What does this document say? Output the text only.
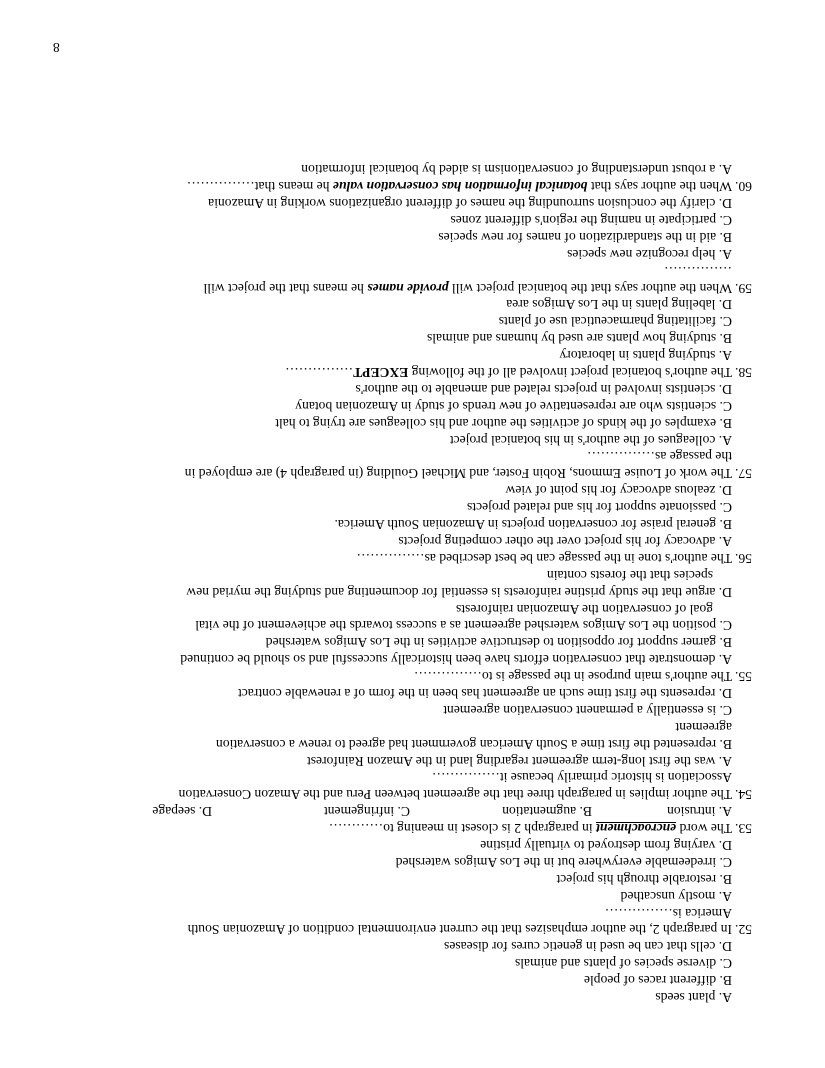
A. plant seeds
B. different races of people
C. diverse species of plants and animals
D. cells that can be used in genetic cures for diseases
52.In paragraph 2, the author emphasizes that the current environmental condition of Amazonian South
America is……………
A. mostly unscathed
B. restorable through his project
C. irredeemable everywhere but in the Los Amigos watershed
D. varying from destroyed to virtually pristine
53.The word encroachment in paragraph 2 is closest in meaning to…………
A. intrusion
B. augmentation
C. infringement
D. seepage
54.The author implies in paragraph three that the agreement between Peru and the Amazon Conservation
Association is historic primarily because it……………
A. was the first long-term agreement regarding land in the Amazon Rainforest
B. represented the first time a South American government had agreed to renew a conservation
agreement
C. is essentially a permanent conservation agreement
D. represents the first time such an agreement has been in the form of a renewable contract
55.The author's main purpose in the passage is to……………
A. demonstrate that conservation efforts have been historically successful and so should be continued
B. garner support for opposition to destructive activities in the Los Amigos watershed
C. position the Los Amigos watershed agreement as a success towards the achievement of the vital
goal of conservation the Amazonian rainforests
D. argue that the study pristine rainforests is essential for documenting and studying the myriad new
species that the forests contain
56.The author's tone in the passage can be best described as……………
A. advocacy for his project over the other competing projects
B. general praise for conservation projects in Amazonian South America.
C. passionate support for his and related projects
D. zealous advocacy for his point of view
57.The work of Louise Emmons, Robin Foster, and Michael Goulding (in paragraph 4) are employed in
the passage as……………
A. colleagues of the author's in his botanical project
B. examples of the kinds of activities the author and his colleagues are trying to halt
C. scientists who are representative of new trends of study in Amazonian botany
D. scientists involved in projects related and amenable to the author's
58.The author's botanical project involved all of the following EXCEPT……………
A. studying plants in laboratory
B. studying how plants are used by humans and animals
C. facilitating pharmaceutical use of plants
D. labeling plants in the Los Amigos area
59.When the author says that the botanical project will provide names he means that the project will
……………
A. help recognize new species
B. aid in the standardization of names for new species
C. participate in naming the region's different zones
D. clarify the conclusion surrounding the names of different organizations working in Amazonia
60.When the author says that botanical information has conservation value he means that……………
A. a robust understanding of conservationism is aided by botanical information
8
